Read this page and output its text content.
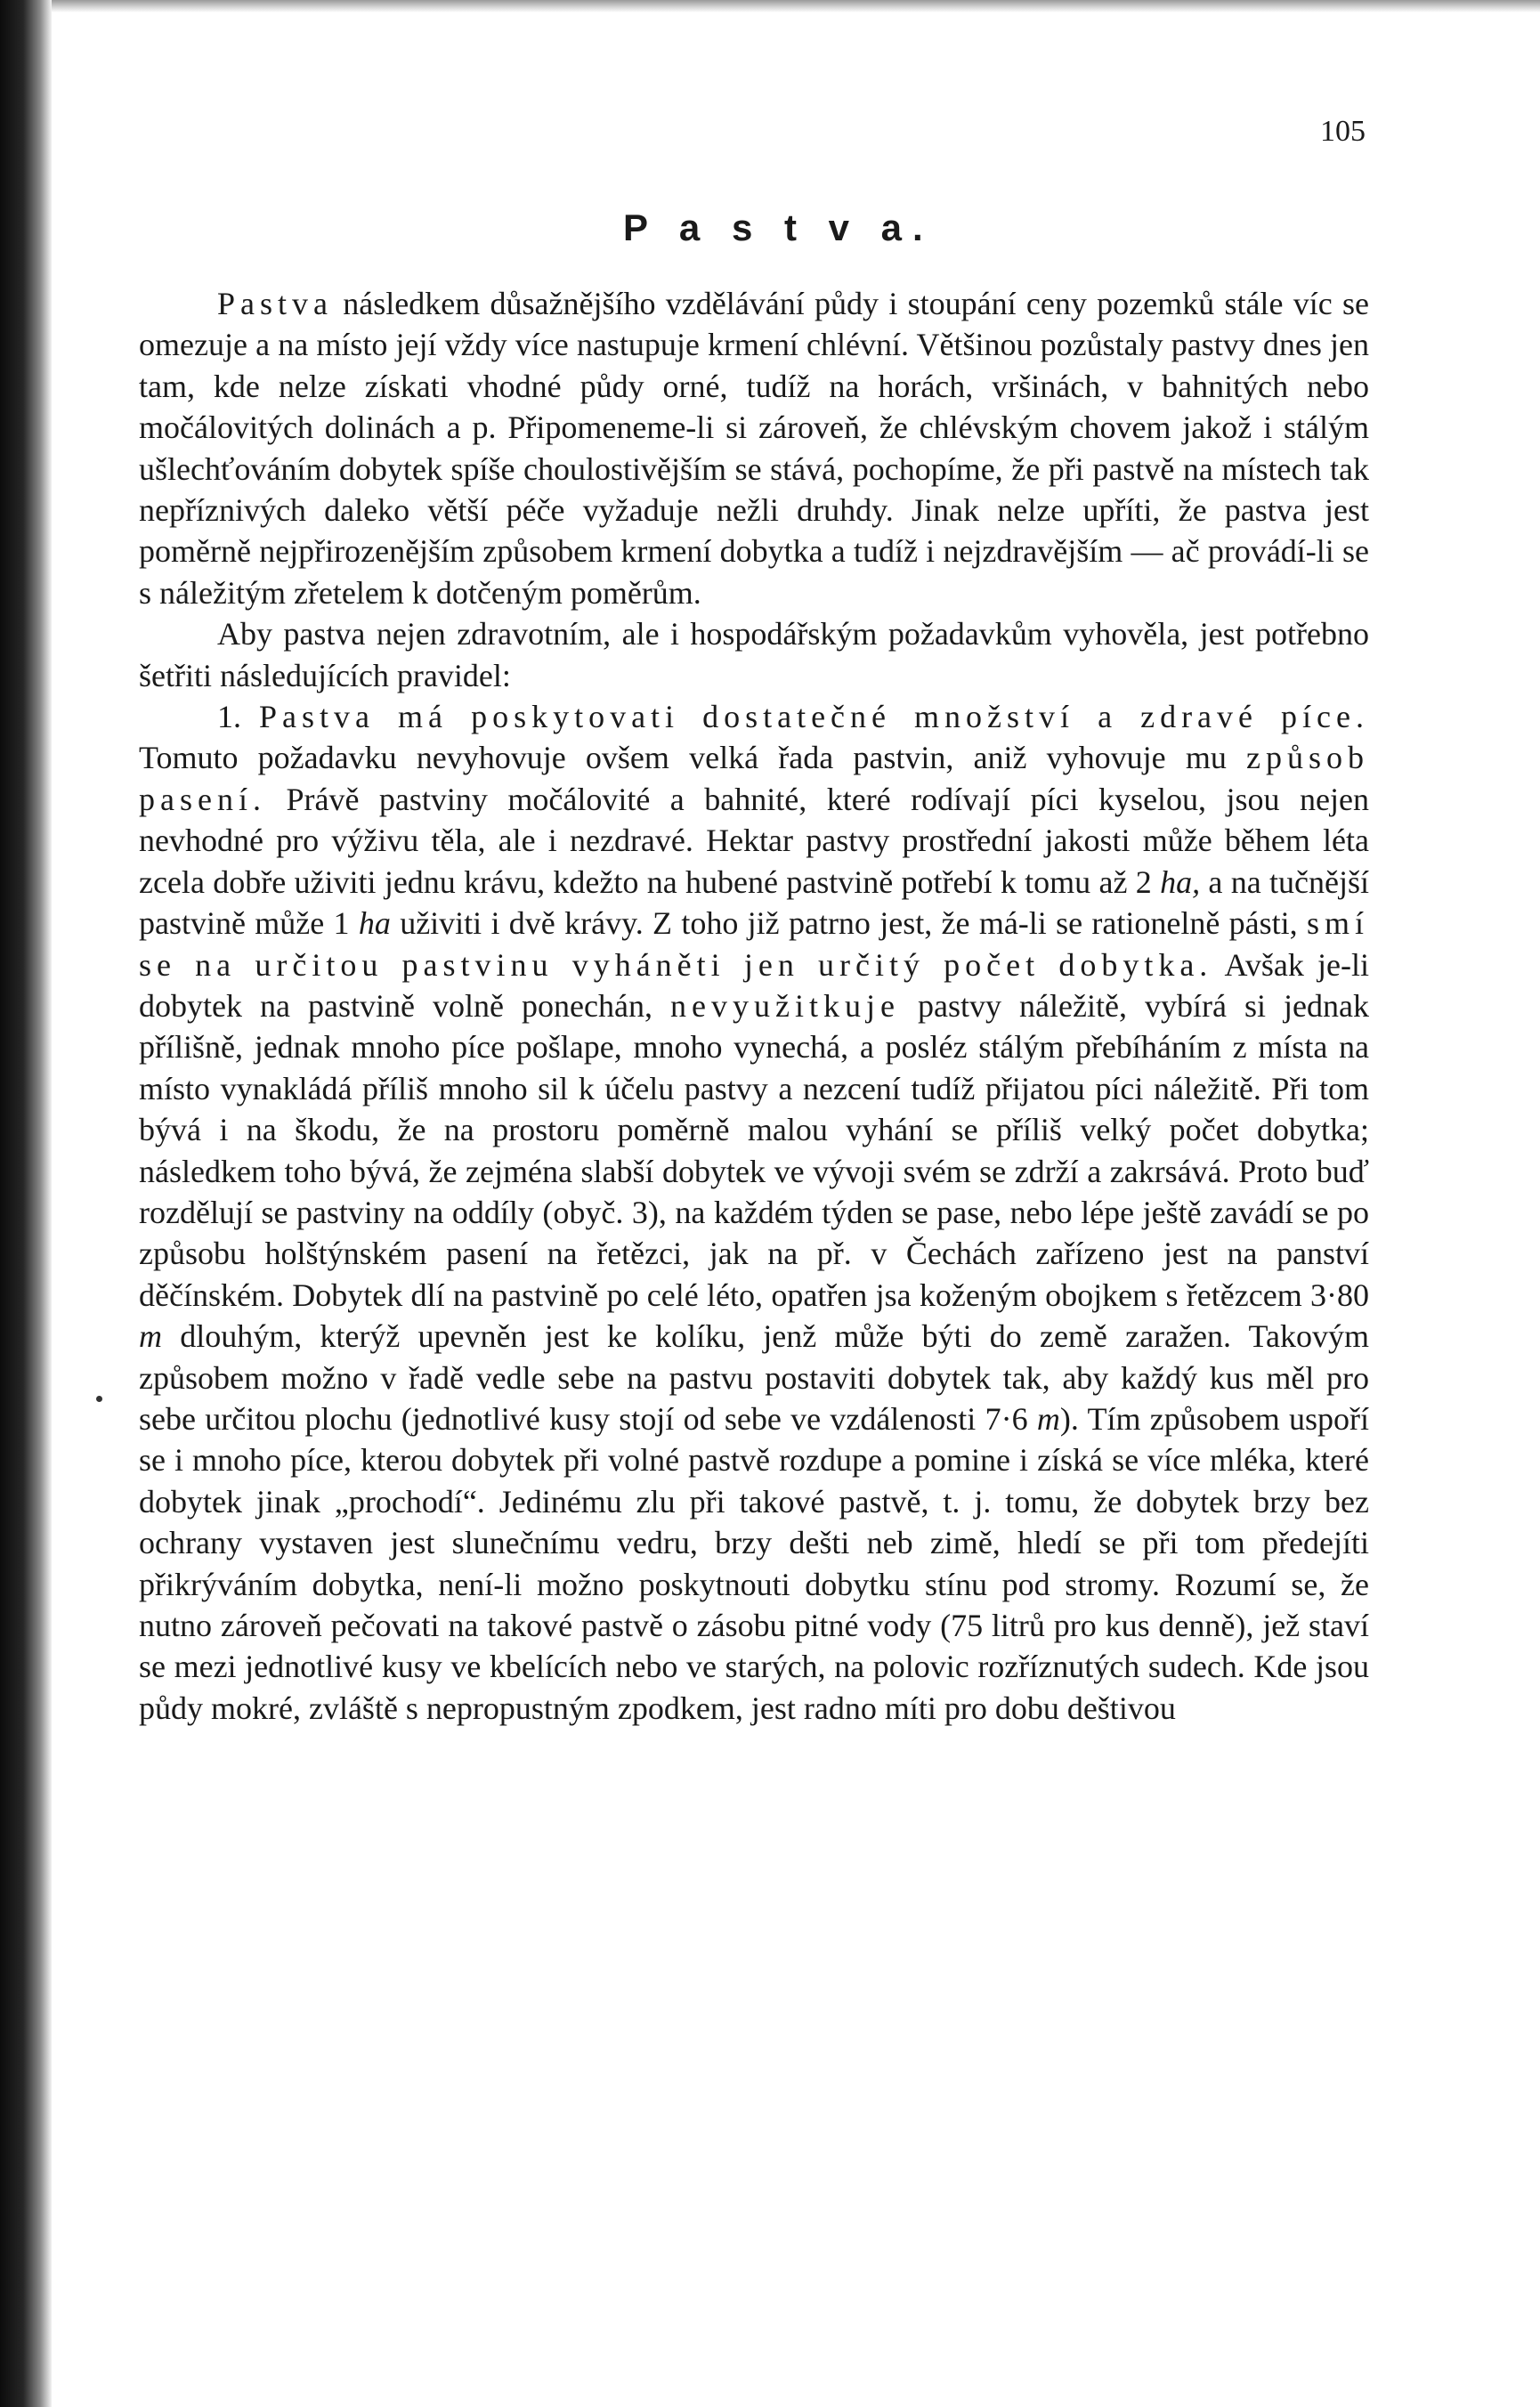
105
P a s t v a.

Pastva následkem důsažnějšího vzdělávání půdy i stoupání ceny pozemků stále víc se omezuje a na místo její vždy více nastupuje krmení chlévní. Většinou pozůstaly pastvy dnes jen tam, kde nelze získati vhodné půdy orné, tudíž na horách, vršinách, v bahnitých nebo močálovitých dolinách a p. Připomeneme-li si zároveň, že chlévským chovem jakož i stálým ušlechťováním dobytek spíše choulostivějším se stává, pochopíme, že při pastvě na místech tak nepříznivých daleko větší péče vyžaduje nežli druhdy. Jinak nelze upříti, že pastva jest poměrně nejpřirozenějším způsobem krmení dobytka a tudíž i nejzdravějším — ač provádí-li se s náležitým zřetelem k dotčeným poměrům.

Aby pastva nejen zdravotním, ale i hospodářským požadavkům vyhověla, jest potřebno šetřiti následujících pravidel:

1. Pastva má poskytovati dostatečné množství a zdravé píce. Tomuto požadavku nevyhovuje ovšem velká řada pastvin, aniž vyhovuje mu způsob pasení. Právě pastviny močálovité a bahnité, které rodívají píci kyselou, jsou nejen nevhodné pro výživu těla, ale i nezdravé. Hektar pastvy prostřední jakosti může během léta zcela dobře uživiti jednu krávu, kdežto na hubené pastvině potřebí k tomu až 2 ha, a na tučnější pastvině může 1 ha uživiti i dvě krávy. Z toho již patrno jest, že má-li se rationelně pásti, smí se na určitou pastvinu vyháněti jen určitý počet dobytka. Avšak je-li dobytek na pastvině volně ponechán, nevyužitkuje pastvy náležitě, vybírá si jednak přílišně, jednak mnoho píce pošlape, mnoho vynechá, a posléz stálým přebíháním z místa na místo vynakládá příliš mnoho sil k účelu pastvy a nezcení tudíž přijatou píci náležitě. Při tom bývá i na škodu, že na prostoru poměrně malou vyhání se příliš velký počet dobytka; následkem toho bývá, že zejména slabší dobytek ve vývoji svém se zdrží a zakrsává. Proto buď rozdělují se pastviny na oddíly (obyč. 3), na každém týden se pase, nebo lépe ještě zavádí se po způsobu holštýnském pasení na řetězci, jak na př. v Čechách zařízeno jest na panství děčínském. Dobytek dlí na pastvině po celé léto, opatřen jsa koženým obojkem s řetězcem 3·80 m dlouhým, kterýž upevněn jest ke kolíku, jenž může býti do země zaražen. Takovým způsobem možno v řadě vedle sebe na pastvu postaviti dobytek tak, aby každý kus měl pro sebe určitou plochu (jednotlivé kusy stojí od sebe ve vzdálenosti 7·6 m). Tím způsobem uspoří se i mnoho píce, kterou dobytek při volné pastvě rozdupe a pomine i získá se více mléka, které dobytek jinak „prochodí“. Jedinému zlu při takové pastvě, t. j. tomu, že dobytek brzy bez ochrany vystaven jest slunečnímu vedru, brzy dešti neb zimě, hledí se při tom předejíti přikrýváním dobytka, není-li možno poskytnouti dobytku stínu pod stromy. Rozumí se, že nutno zároveň pečovati na takové pastvě o zásobu pitné vody (75 litrů pro kus denně), jež staví se mezi jednotlivé kusy ve kbelících nebo ve starých, na polovic rozříznutých sudech. Kde jsou půdy mokré, zvláště s nepropustným zpodkem, jest radno míti pro dobu deštivou
